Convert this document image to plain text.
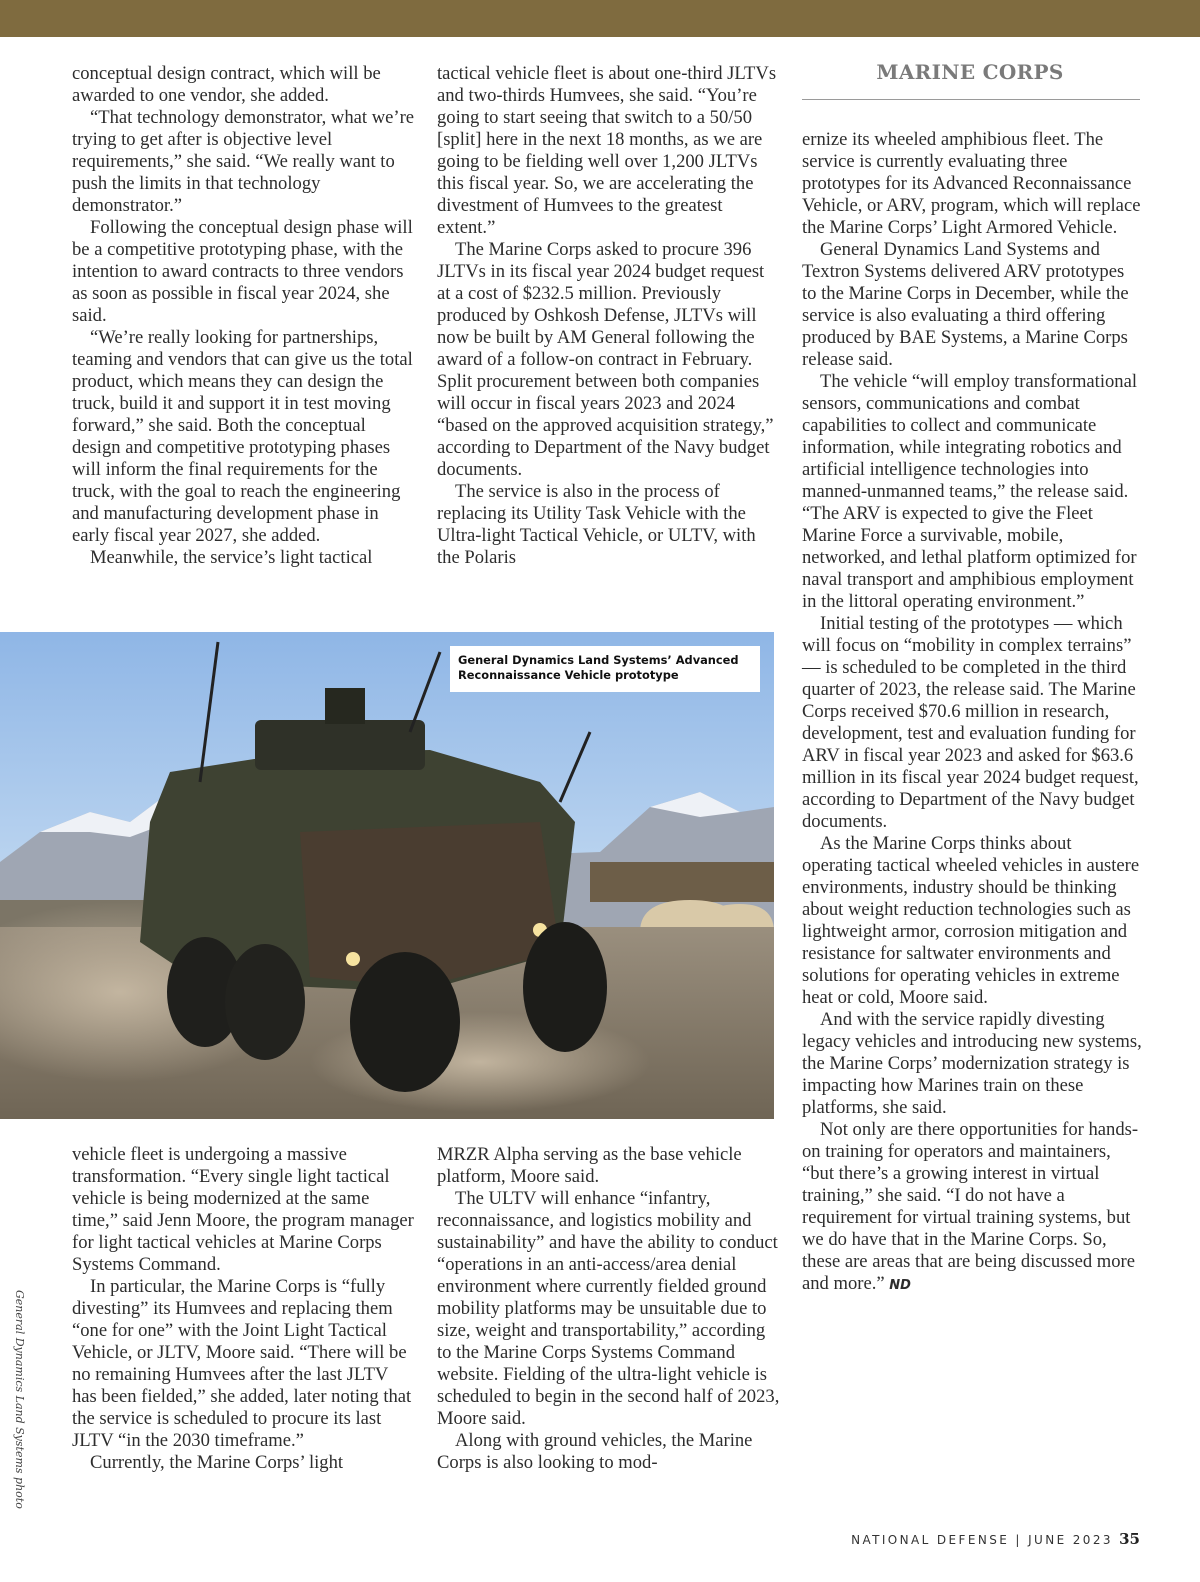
conceptual design contract, which will be awarded to one vendor, she added.

“That technology demonstrator, what we’re trying to get after is objective level requirements,” she said. “We really want to push the limits in that technology demonstrator.”

Following the conceptual design phase will be a competitive prototyping phase, with the intention to award contracts to three vendors as soon as possible in fiscal year 2024, she said.

“We’re really looking for partnerships, teaming and vendors that can give us the total product, which means they can design the truck, build it and support it in test moving forward,” she said. Both the conceptual design and competitive prototyping phases will inform the final requirements for the truck, with the goal to reach the engineering and manufacturing development phase in early fiscal year 2027, she added.

Meanwhile, the service’s light tactical

tactical vehicle fleet is about one-third JLTVs and two-thirds Humvees, she said. “You’re going to start seeing that switch to a 50/50 [split] here in the next 18 months, as we are going to be fielding well over 1,200 JLTVs this fiscal year. So, we are accelerating the divestment of Humvees to the greatest extent.”

The Marine Corps asked to procure 396 JLTVs in its fiscal year 2024 budget request at a cost of $232.5 million. Previously produced by Oshkosh Defense, JLTVs will now be built by AM General following the award of a follow-on contract in February. Split procurement between both companies will occur in fiscal years 2023 and 2024 “based on the approved acquisition strategy,” according to Department of the Navy budget documents.

The service is also in the process of replacing its Utility Task Vehicle with the Ultra-light Tactical Vehicle, or ULTV, with the Polaris

MARINE CORPS

ernize its wheeled amphibious fleet. The service is currently evaluating three prototypes for its Advanced Reconnaissance Vehicle, or ARV, program, which will replace the Marine Corps’ Light Armored Vehicle.

General Dynamics Land Systems and Textron Systems delivered ARV prototypes to the Marine Corps in December, while the service is also evaluating a third offering produced by BAE Systems, a Marine Corps release said.

The vehicle “will employ transformational sensors, communications and combat capabilities to collect and communicate information, while integrating robotics and artificial intelligence technologies into manned-unmanned teams,” the release said. “The ARV is expected to give the Fleet Marine Force a survivable, mobile, networked, and lethal platform optimized for naval transport and amphibious employment in the littoral operating environment.”

Initial testing of the prototypes — which will focus on “mobility in complex terrains” — is scheduled to be completed in the third quarter of 2023, the release said. The Marine Corps received $70.6 million in research, development, test and evaluation funding for ARV in fiscal year 2023 and asked for $63.6 million in its fiscal year 2024 budget request, according to Department of the Navy budget documents.

As the Marine Corps thinks about operating tactical wheeled vehicles in austere environments, industry should be thinking about weight reduction technologies such as lightweight armor, corrosion mitigation and resistance for saltwater environments and solutions for operating vehicles in extreme heat or cold, Moore said.

And with the service rapidly divesting legacy vehicles and introducing new systems, the Marine Corps’ modernization strategy is impacting how Marines train on these platforms, she said.

Not only are there opportunities for hands-on training for operators and maintainers, “but there’s a growing interest in virtual training,” she said. “I do not have a requirement for virtual training systems, but we do have that in the Marine Corps. So, these are areas that are being discussed more and more.” ND

General Dynamics Land Systems’ Advanced Reconnaissance Vehicle prototype
General Dynamics Land Systems photo

vehicle fleet is undergoing a massive transformation. “Every single light tactical vehicle is being modernized at the same time,” said Jenn Moore, the program manager for light tactical vehicles at Marine Corps Systems Command.

In particular, the Marine Corps is “fully divesting” its Humvees and replacing them “one for one” with the Joint Light Tactical Vehicle, or JLTV, Moore said. “There will be no remaining Humvees after the last JLTV has been fielded,” she added, later noting that the service is scheduled to procure its last JLTV “in the 2030 timeframe.”

Currently, the Marine Corps’ light

MRZR Alpha serving as the base vehicle platform, Moore said.

The ULTV will enhance “infantry, reconnaissance, and logistics mobility and sustainability” and have the ability to conduct “operations in an anti-access/area denial environment where currently fielded ground mobility platforms may be unsuitable due to size, weight and transportability,” according to the Marine Corps Systems Command website. Fielding of the ultra-light vehicle is scheduled to begin in the second half of 2023, Moore said.

Along with ground vehicles, the Marine Corps is also looking to mod-

NATIONAL DEFENSE | JUNE 2023 35
